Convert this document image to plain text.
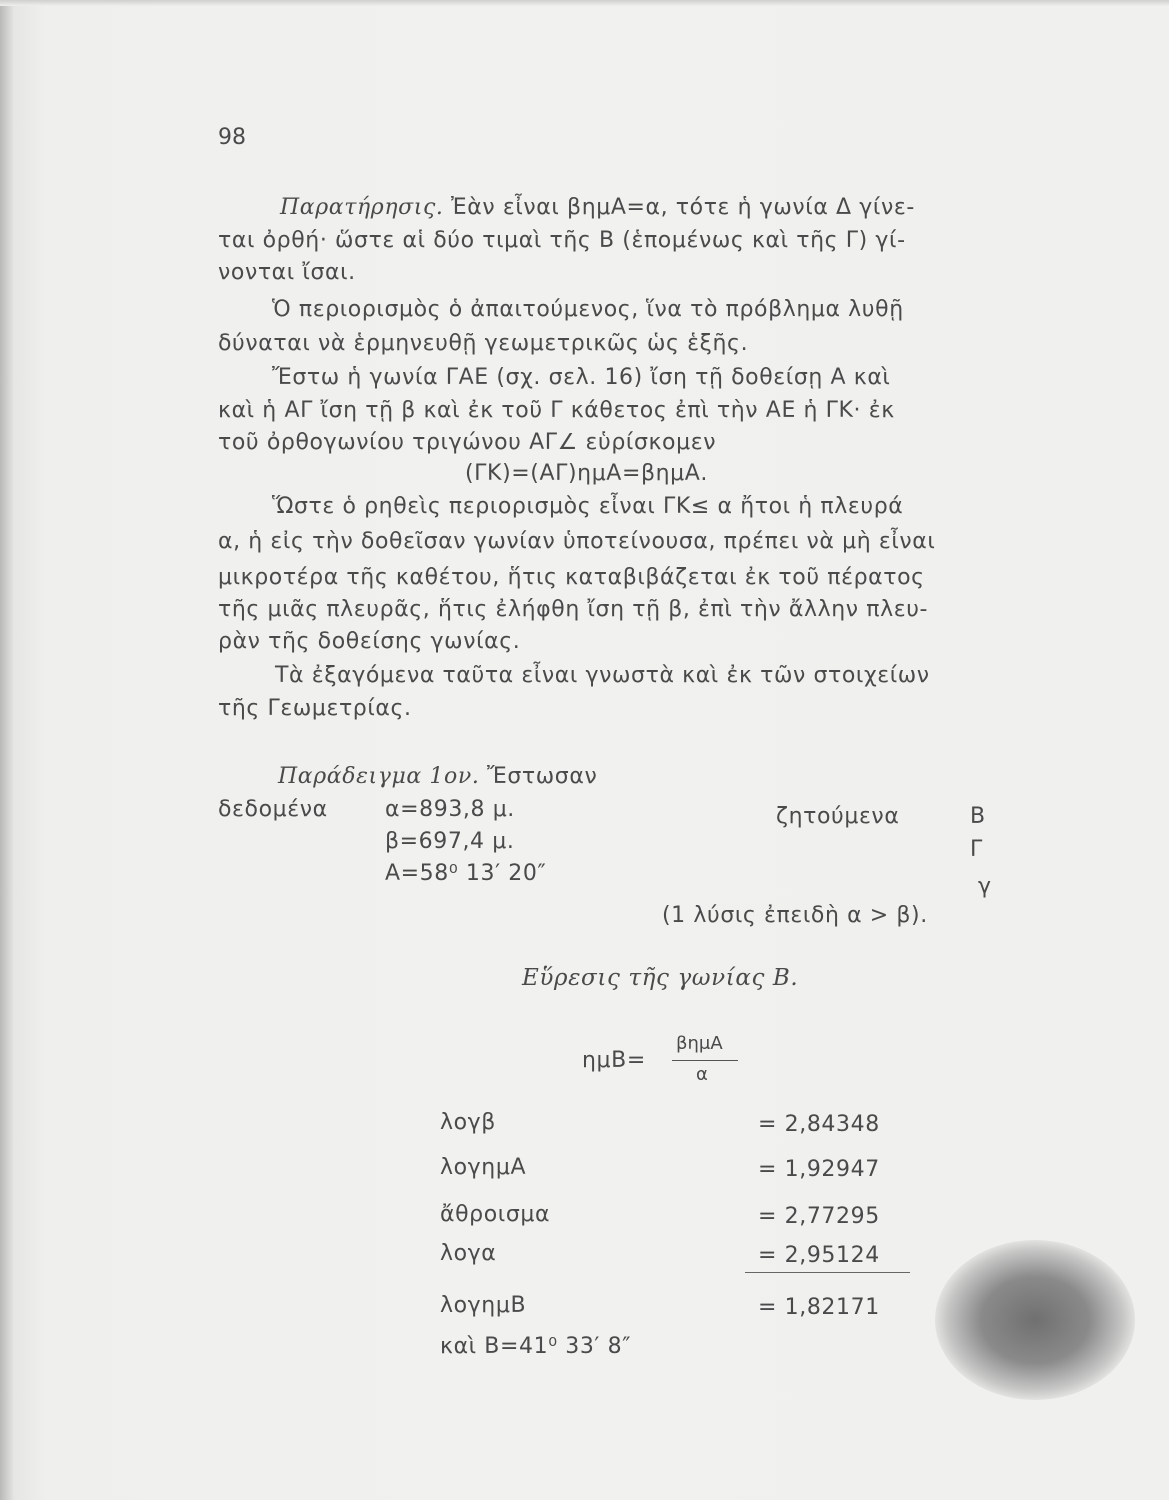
98
Παρατήρησις. Ἐὰν εἶναι βημΑ=α, τότε ἡ γωνία Δ γίνε-
ται ὀρθή· ὥστε αἱ δύο τιμαὶ τῆς Β (ἑπομένως καὶ τῆς Γ) γί-
νονται ἴσαι.
Ὁ περιορισμὸς ὁ ἀπαιτούμενος, ἵνα τὸ πρόβλημα λυθῇ
δύναται νὰ ἑρμηνευθῇ γεωμετρικῶς ὡς ἑξῆς.
Ἔστω ἡ γωνία ΓΑΕ (σχ. σελ. 16) ἴση τῇ δοθείσῃ Α καὶ
καὶ ἡ ΑΓ ἴση τῇ β καὶ ἐκ τοῦ Γ κάθετος ἐπὶ τὴν ΑΕ ἡ ΓΚ· ἐκ
τοῦ ὀρθογωνίου τριγώνου ΑΓ∠ εὑρίσκομεν
(ΓΚ)=(ΑΓ)ημΑ=βημΑ.
Ὥστε ὁ ρηθεὶς περιορισμὸς εἶναι ΓΚ≤ α ἤτοι ἡ πλευρά
α, ἡ εἰς τὴν δοθεῖσαν γωνίαν ὑποτείνουσα, πρέπει νὰ μὴ εἶναι
μικροτέρα τῆς καθέτου, ἥτις καταβιβάζεται ἐκ τοῦ πέρατος
τῆς μιᾶς πλευρᾶς, ἥτις ἐλήφθη ἴση τῇ β, ἐπὶ τὴν ἄλλην πλευ-
ρὰν τῆς δοθείσης γωνίας.
Τὰ ἐξαγόμενα ταῦτα εἶναι γνωστὰ καὶ ἐκ τῶν στοιχείων
τῆς Γεωμετρίας.
Παράδειγμα 1ον. Ἔστωσαν
δεδομένα	α=893,8 μ.
β=697,4 μ.
Α=58⁰ 13′ 20″
ζητούμενα	Β
Γ
γ
(1 λύσις ἐπειδὴ α > β).
Εὕρεσις τῆς γωνίας Β.
ημΒ=
βημΑ
α
λογβ	= 2,84348
λογημΑ	= 1,92947
ἄθροισμα	= 2,77295
λογα	= 2,95124
λογημΒ	= 1,82171
καὶ Β=41⁰ 33′ 8″
